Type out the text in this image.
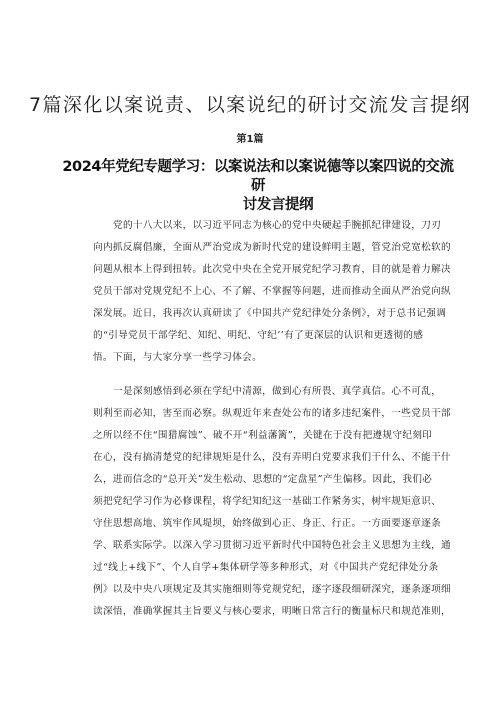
7篇深化以案说责、以案说纪的研讨交流发言提纲
第1篇
2024年党纪专题学习：以案说法和以案说德等以案四说的交流研
讨发言提纲

党的十八大以来，以习近平同志为核心的党中央硬起手腕抓纪律建设，刀刃
向内抓反腐倡廉，全面从严治党成为新时代党的建设鲜明主题，管党治党宽松软的
问题从根本上得到扭转。此次党中央在全党开展党纪学习教育，目的就是着力解决
党员干部对党规党纪不上心、不了解、不掌握等问题，进而推动全面从严治党向纵
深发展。近日，我再次认真研读了《中国共产党纪律处分条例》，对于总书记强调
的“引导党员干部学纪、知纪、明纪、守纪’’有了更深层的认识和更透彻的感
悟。下面，与大家分享一些学习体会。

一是深刻感悟到必须在学纪中清源，做到心有所畏、真学真信。心不可乱，
则利至而必知，害至而必察。纵观近年来查处公布的诸多违纪案件，一些党员干部
之所以经不住“围猎腐蚀”、破不开“利益藩篱”，关键在于没有把遵规守纪刻印
在心，没有搞清楚党的纪律规矩是什么，没有弄明白党要求我们干什么、不能干什
么，进而信念的“总开关”发生松动、思想的“定盘星”产生偏移。因此，我们必
须把党纪学习作为必修课程，将学纪知纪这一基础工作紧务实，树牢规矩意识、
守住思想高地、筑牢作风堤坝，始终做到心正、身正、行正。一方面要逐章逐条
学、联系实际学。以深入学习贯彻习近平新时代中国特色社会主义思想为主线，通
过“线上+线下”、个人自学+集体研学等多种形式，对《中国共产党纪律处分条
例》以及中央八项规定及其实施细则等党规党纪，逐字逐段细研深究，逐条逐项细
读深悟，准确掌握其主旨要义与核心要求，明晰日常言行的衡量标尺和规范准则，
